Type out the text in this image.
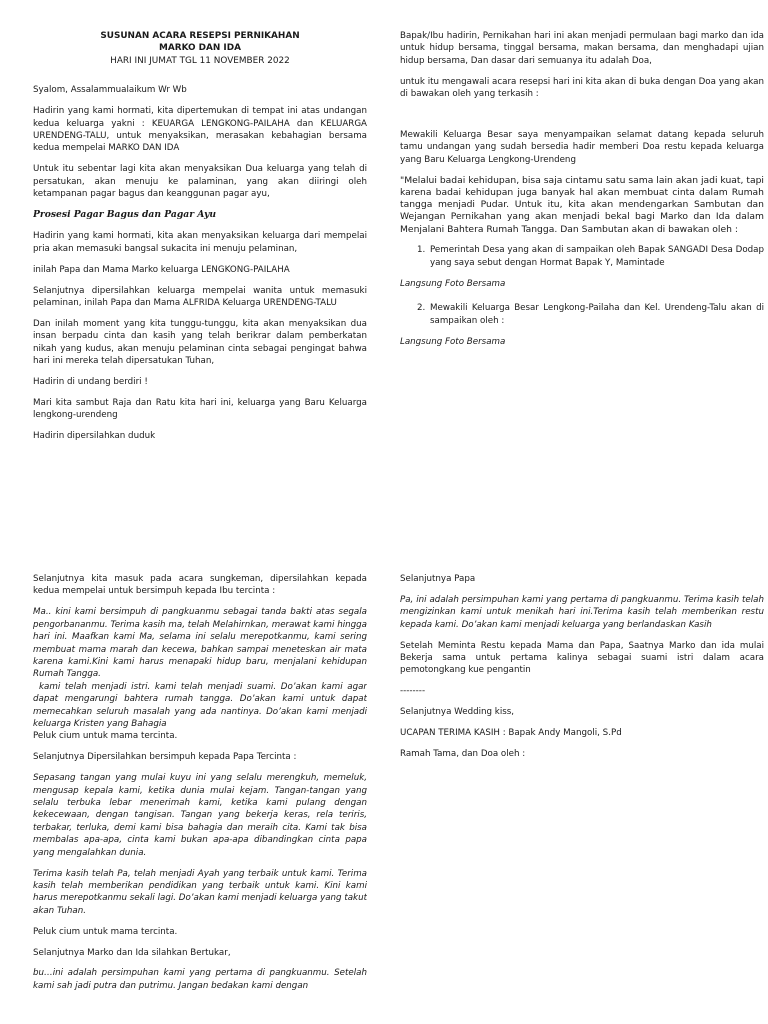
SUSUNAN ACARA RESEPSI PERNIKAHAN
MARKO DAN IDA
HARI INI JUMAT TGL 11 NOVEMBER 2022

Syalom, Assalammualaikum Wr Wb

Hadirin yang kami hormati, kita dipertemukan di tempat ini atas undangan kedua keluarga yakni : KEUARGA LENGKONG-PAILAHA dan KELUARGA URENDENG-TALU, untuk menyaksikan, merasakan kebahagian bersama kedua mempelai MARKO DAN IDA

Untuk itu sebentar lagi kita akan menyaksikan Dua keluarga yang telah di persatukan, akan menuju ke palaminan, yang akan diiringi oleh ketampanan pagar bagus dan keanggunan pagar ayu,

Prosesi Pagar Bagus dan Pagar Ayu

Hadirin yang kami hormati, kita akan menyaksikan keluarga dari mempelai pria akan memasuki bangsal sukacita ini menuju pelaminan,

inilah Papa dan Mama Marko keluarga LENGKONG-PAILAHA

Selanjutnya dipersilahkan keluarga mempelai wanita untuk memasuki pelaminan, inilah Papa dan Mama ALFRIDA Keluarga URENDENG-TALU

Dan inilah moment yang kita tunggu-tunggu, kita akan menyaksikan dua insan berpadu cinta dan kasih yang telah berikrar dalam pemberkatan nikah yang kudus, akan menuju pelaminan cinta sebagai pengingat bahwa hari ini mereka telah dipersatukan Tuhan,

Hadirin di undang berdiri !

Mari kita sambut Raja dan Ratu kita hari ini, keluarga yang Baru Keluarga lengkong-urendeng

Hadirin dipersilahkan duduk

Bapak/Ibu hadirin, Pernikahan hari ini akan menjadi permulaan bagi marko dan ida untuk hidup bersama, tinggal bersama, makan bersama, dan menghadapi ujian hidup bersama, Dan dasar dari semuanya itu adalah Doa,

untuk itu mengawali acara resepsi hari ini kita akan di buka dengan Doa yang akan di bawakan oleh yang terkasih :

Mewakili Keluarga Besar saya menyampaikan selamat datang kepada seluruh tamu undangan yang sudah bersedia hadir memberi Doa restu kepada keluarga yang Baru Keluarga Lengkong-Urendeng

"Melalui badai kehidupan, bisa saja cintamu satu sama lain akan jadi kuat, tapi karena badai kehidupan juga banyak hal akan membuat cinta dalam Rumah tangga menjadi Pudar. Untuk itu, kita akan mendengarkan Sambutan dan Wejangan Pernikahan yang akan menjadi bekal bagi Marko dan Ida dalam Menjalani Bahtera Rumah Tangga. Dan Sambutan akan di bawakan oleh :

1. Pemerintah Desa yang akan di sampaikan oleh Bapak SANGADI Desa Dodap yang saya sebut dengan Hormat Bapak Y, Mamintade

Langsung Foto Bersama

2. Mewakili Keluarga Besar Lengkong-Pailaha dan Kel. Urendeng-Talu akan di sampaikan oleh :

Langsung Foto Bersama

Selanjutnya kita masuk pada acara sungkeman, dipersilahkan kepada kedua mempelai untuk bersimpuh kepada Ibu tercinta :

Ma.. kini kami bersimpuh di pangkuanmu sebagai tanda bakti atas segala pengorbananmu. Terima kasih ma, telah Melahirnkan, merawat kami hingga hari ini. Maafkan kami Ma, selama ini selalu merepotkanmu, kami sering membuat mama marah dan kecewa, bahkan sampai meneteskan air mata karena kami.Kini kami harus menapaki hidup baru, menjalani kehidupan Rumah Tangga.

kami telah menjadi istri. kami telah menjadi suami. Do’akan kami agar dapat mengarungi bahtera rumah tangga. Do’akan kami untuk dapat memecahkan seluruh masalah yang ada nantinya. Do’akan kami menjadi keluarga Kristen yang Bahagia

Peluk cium untuk mama tercinta.

Selanjutnya Dipersilahkan bersimpuh kepada Papa Tercinta :

Sepasang tangan yang mulai kuyu ini yang selalu merengkuh, memeluk, mengusap kepala kami, ketika dunia mulai kejam. Tangan-tangan yang selalu terbuka lebar menerimah kami, ketika kami pulang dengan kekecewaan, dengan tangisan. Tangan yang bekerja keras, rela teriris, terbakar, terluka, demi kami bisa bahagia dan meraih cita. Kami tak bisa membalas apa-apa, cinta kami bukan apa-apa dibandingkan cinta papa yang mengalahkan dunia.

Terima kasih telah Pa, telah menjadi Ayah yang terbaik untuk kami. Terima kasih telah memberikan pendidikan yang terbaik untuk kami. Kini kami harus merepotkanmu sekali lagi. Do’akan kami menjadi keluarga yang takut akan Tuhan.

Peluk cium untuk mama tercinta.

Selanjutnya Marko dan Ida silahkan Bertukar,

bu…ini adalah persimpuhan kami yang pertama di pangkuanmu. Setelah kami sah jadi putra dan putrimu. Jangan bedakan kami dengan

Selanjutnya Papa

Pa, ini adalah persimpuhan kami yang pertama di pangkuanmu. Terima kasih telah mengizinkan kami untuk menikah hari ini.Terima kasih telah memberikan restu kepada kami. Do’akan kami menjadi keluarga yang berlandaskan Kasih

Setelah Meminta Restu kepada Mama dan Papa, Saatnya Marko dan ida mulai Bekerja sama untuk pertama kalinya sebagai suami istri dalam acara pemotongkang kue pengantin

--------

Selanjutnya Wedding kiss,

UCAPAN TERIMA KASIH : Bapak Andy Mangoli, S.Pd

Ramah Tama, dan Doa oleh :
